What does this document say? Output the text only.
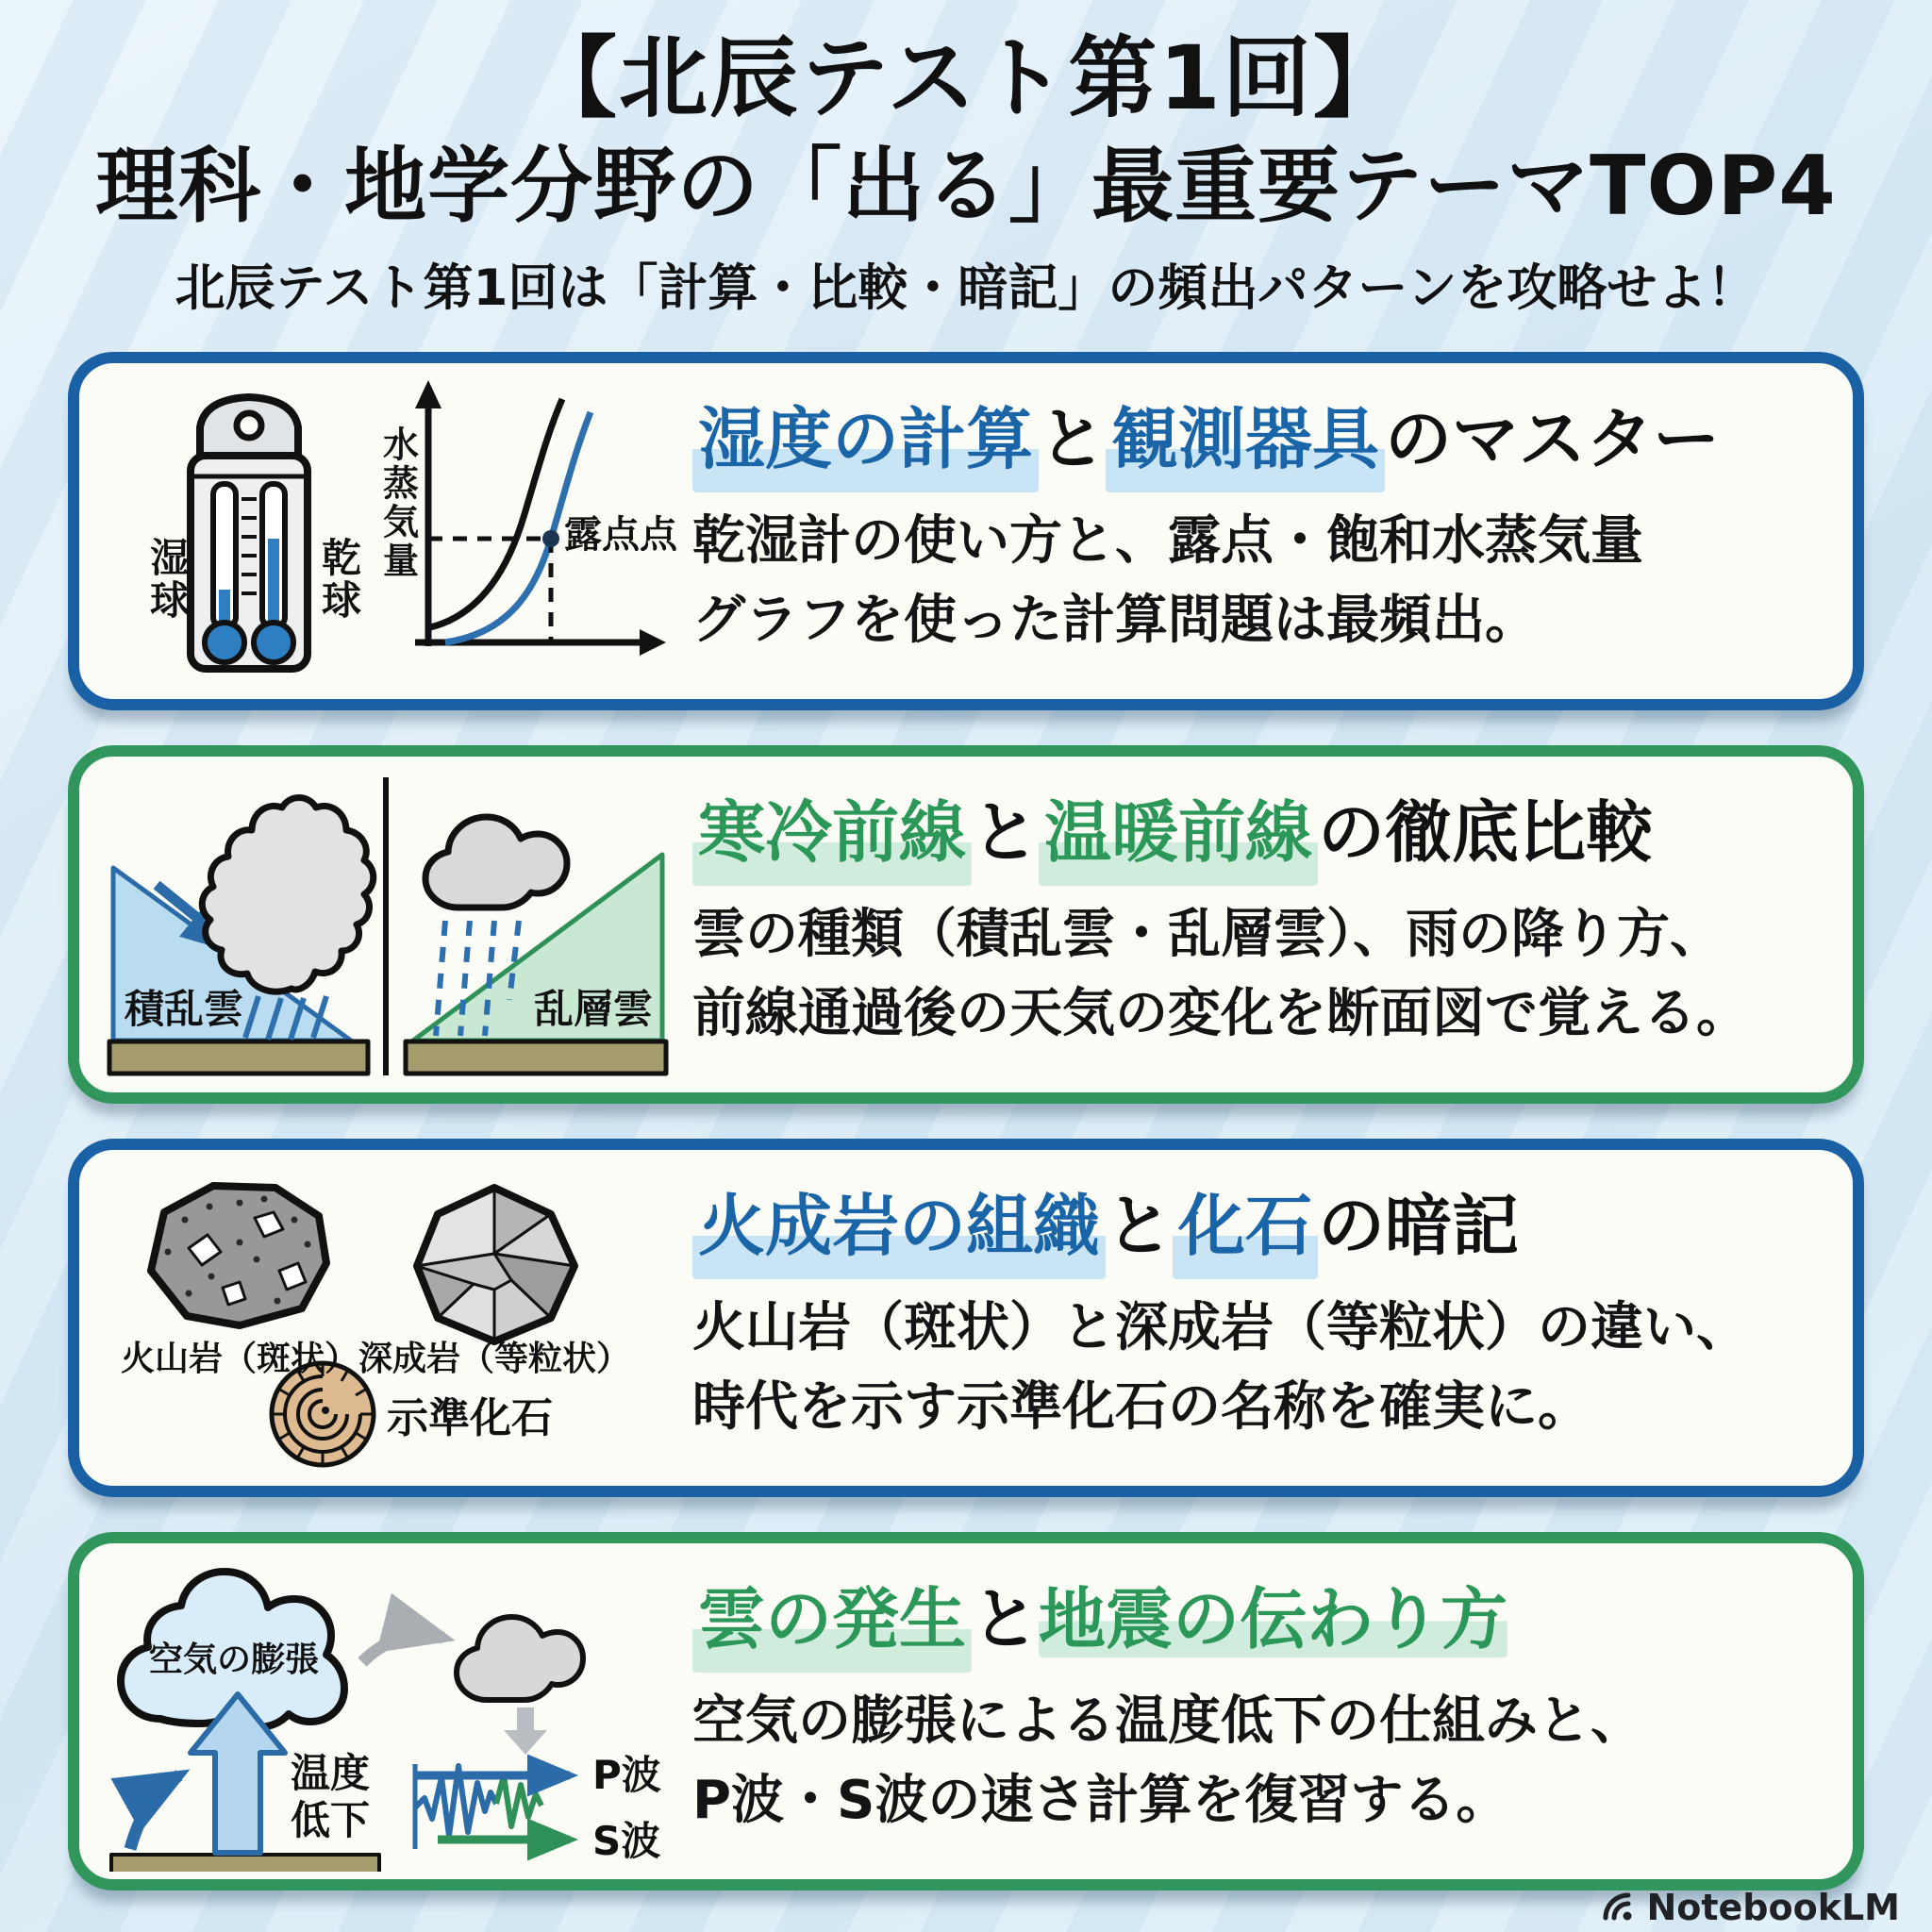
【北辰テスト第1回】
理科・地学分野の「出る」最重要テーマTOP4
北辰テスト第1回は「計算・比較・暗記」の頻出パターンを攻略せよ！
湿球	乾球 水蒸気量	露点点
湿度の計算と観測器具のマスター

乾湿計の使い方と、露点・飽和水蒸気量
グラフを使った計算問題は最頻出。

積乱雲	乱層雲
寒冷前線と温暖前線の徹底比較

雲の種類（積乱雲・乱層雲）、雨の降り方、
前線通過後の天気の変化を断面図で覚える。

火山岩（斑状） 深成岩（等粒状）
示準化石
火成岩の組織と化石の暗記

火山岩（斑状）と深成岩（等粒状）の違い、
時代を示す示準化石の名称を確実に。

空気の膨張
温度
低下
P波
S波
雲の発生と地震の伝わり方

空気の膨張による温度低下の仕組みと、
P波・S波の速さ計算を復習する。

NotebookLM
